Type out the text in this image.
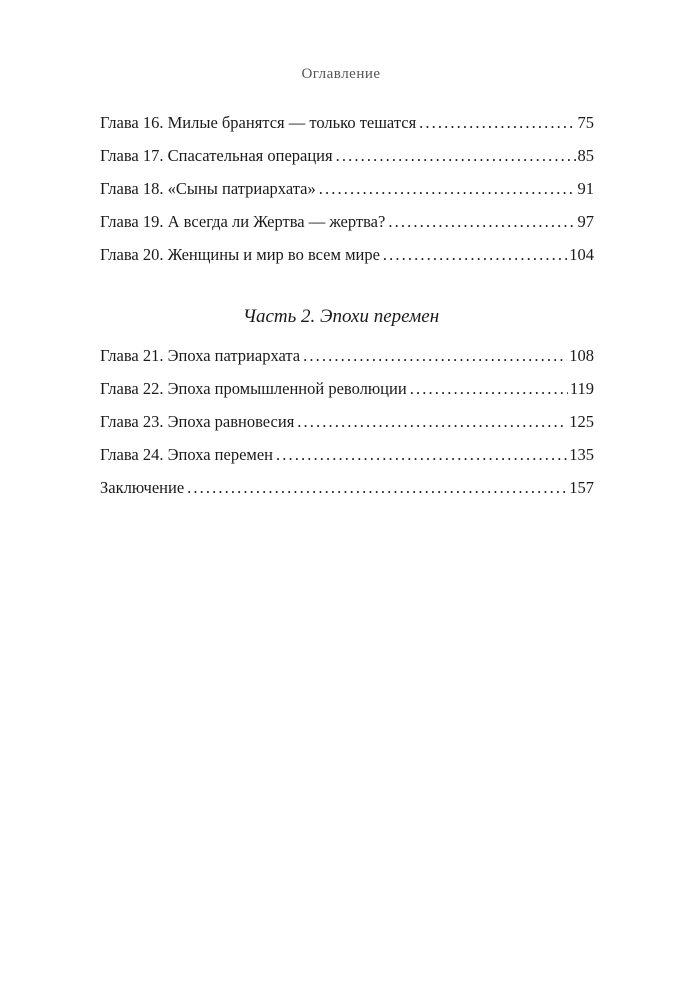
Оглавление
Глава 16. Милые бранятся — только тешатся . . .	75
Глава 17. Спасательная операция . . .	85
Глава 18. «Сыны патриархата» . . .	91
Глава 19. А всегда ли Жертва — жертва? . . .	97
Глава 20. Женщины и мир во всем мире . . .	104
Часть 2. Эпохи перемен
Глава 21. Эпоха патриархата . . .	108
Глава 22. Эпоха промышленной революции . . .	119
Глава 23. Эпоха равновесия . . .	125
Глава 24. Эпоха перемен . . .	135
Заключение . . .	157
